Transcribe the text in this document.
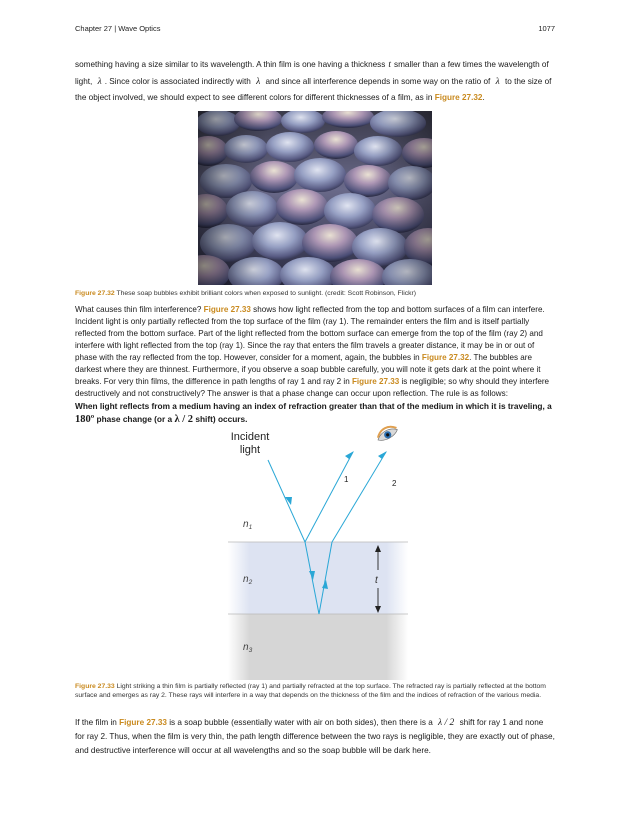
Chapter 27 | Wave Optics	1077

something having a size similar to its wavelength. A thin film is one having a thickness t smaller than a few times the wavelength of light, λ . Since color is associated indirectly with λ and since all interference depends in some way on the ratio of λ to the size of the object involved, we should expect to see different colors for different thicknesses of a film, as in Figure 27.32.

Figure 27.32 These soap bubbles exhibit brilliant colors when exposed to sunlight. (credit: Scott Robinson, Flickr)

What causes thin film interference? Figure 27.33 shows how light reflected from the top and bottom surfaces of a film can interfere. Incident light is only partially reflected from the top surface of the film (ray 1). The remainder enters the film and is itself partially reflected from the bottom surface. Part of the light reflected from the bottom surface can emerge from the top of the film (ray 2) and interfere with light reflected from the top (ray 1). Since the ray that enters the film travels a greater distance, it may be in or out of phase with the ray reflected from the top. However, consider for a moment, again, the bubbles in Figure 27.32. The bubbles are darkest where they are thinnest. Furthermore, if you observe a soap bubble carefully, you will note it gets dark at the point where it breaks. For very thin films, the difference in path lengths of ray 1 and ray 2 in Figure 27.33 is negligible; so why should they interfere destructively and not constructively? The answer is that a phase change can occur upon reflection. The rule is as follows:

When light reflects from a medium having an index of refraction greater than that of the medium in which it is traveling, a 180º phase change (or a λ / 2 shift) occurs.

Incident
light
1	2
$n_1$
$n_2$
$n_3$
t

Figure 27.33 Light striking a thin film is partially reflected (ray 1) and partially refracted at the top surface. The refracted ray is partially reflected at the bottom surface and emerges as ray 2. These rays will interfere in a way that depends on the thickness of the film and the indices of refraction of the various media.

If the film in Figure 27.33 is a soap bubble (essentially water with air on both sides), then there is a λ / 2 shift for ray 1 and none for ray 2. Thus, when the film is very thin, the path length difference between the two rays is negligible, they are exactly out of phase, and destructive interference will occur at all wavelengths and so the soap bubble will be dark here.
